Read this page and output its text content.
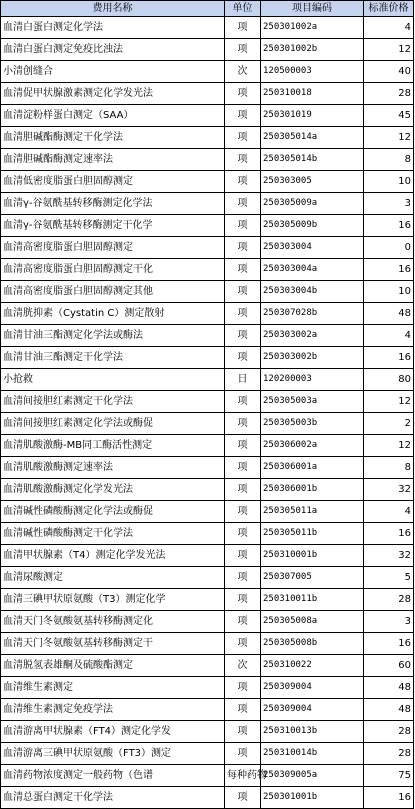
费用名称	单位	项目编码	标准价格
血清白蛋白测定化学法	项	250301002a	4
血清白蛋白测定免疫比浊法	项	250301002b	12
小清创缝合	次	120500003	40
血清促甲状腺激素测定化学发光法	项	250310018	28
血清淀粉样蛋白测定（SAA）	项	250301019	45
血清胆碱酯酶测定干化学法	项	250305014a	12
血清胆碱酯酶测定速率法	项	250305014b	8
血清低密度脂蛋白胆固醇测定	项	250303005	10
血清γ-谷氨酰基转移酶测定化学法	项	250305009a	3
血清γ-谷氨酰基转移酶测定干化学	项	250305009b	16
血清高密度脂蛋白胆固醇测定	项	250303004	0
血清高密度脂蛋白胆固醇测定干化	项	250303004a	16
血清高密度脂蛋白胆固醇测定其他	项	250303004b	10
血清胱抑素（Cystatin C）测定散射	项	250307028b	48
血清甘油三酯测定化学法或酶法	项	250303002a	4
血清甘油三酯测定干化学法	项	250303002b	16
小抢救	日	120200003	80
血清间接胆红素测定干化学法	项	250305003a	12
血清间接胆红素测定化学法或酶促	项	250305003b	2
血清肌酸激酶-MB同工酶活性测定	项	250306002a	12
血清肌酸激酶测定速率法	项	250306001a	8
血清肌酸激酶测定化学发光法	项	250306001b	32
血清碱性磷酸酶测定化学法或酶促	项	250305011a	4
血清碱性磷酸酶测定干化学法	项	250305011b	16
血清甲状腺素（T4）测定化学发光法	项	250310001b	32
血清尿酸测定	项	250307005	5
血清三碘甲状原氨酸（T3）测定化学	项	250310011b	28
血清天门冬氨酸氨基转移酶测定化	项	250305008a	3
血清天门冬氨酸氨基转移酶测定干	项	250305008b	16
血清脱氢表雄酮及硫酸酯测定	次	250310022	60
血清维生素测定	项	250309004	48
血清维生素测定免疫学法	项	250309004	48
血清游离甲状腺素（FT4）测定化学发	项	250310013b	28
血清游离三碘甲状原氨酸（FT3）测定	项	250310014b	28
血清药物浓度测定一般药物（色谱	每种药物	250309005a	75
血清总蛋白测定干化学法	项	250301001b	16
